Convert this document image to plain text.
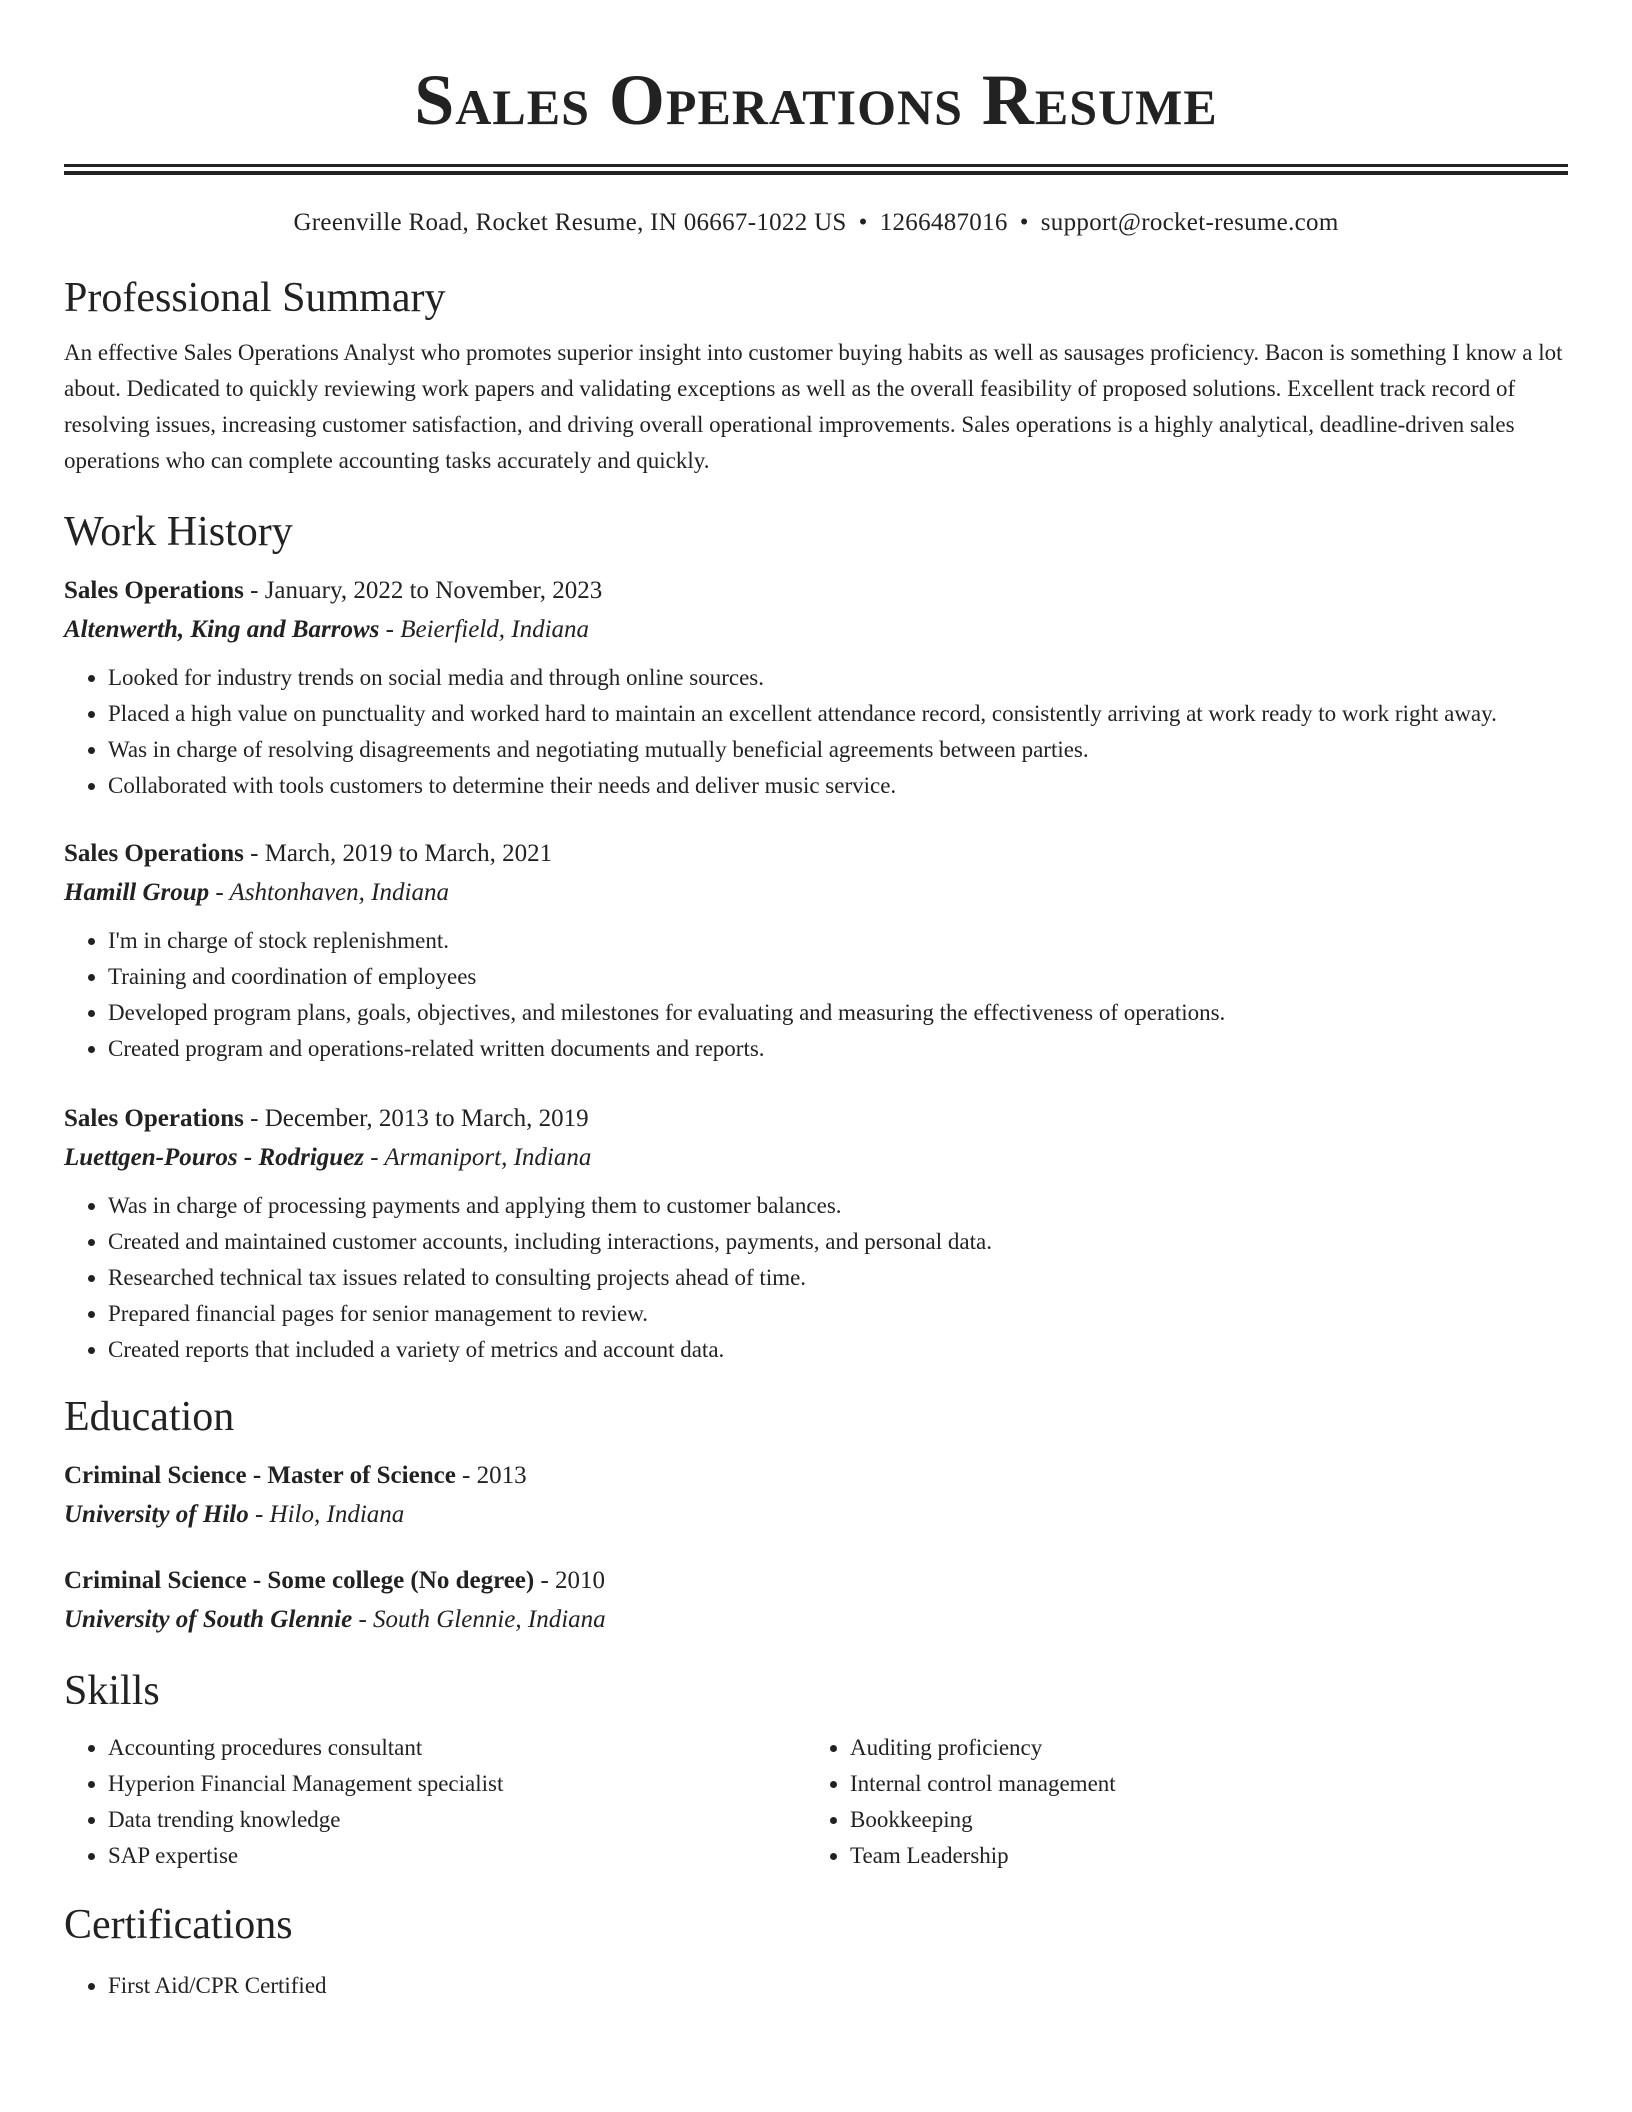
Sales Operations Resume
Greenville Road, Rocket Resume, IN 06667-1022 US • 1266487016 • support@rocket-resume.com
Professional Summary
An effective Sales Operations Analyst who promotes superior insight into customer buying habits as well as sausages proficiency. Bacon is something I know a lot about. Dedicated to quickly reviewing work papers and validating exceptions as well as the overall feasibility of proposed solutions. Excellent track record of resolving issues, increasing customer satisfaction, and driving overall operational improvements. Sales operations is a highly analytical, deadline-driven sales operations who can complete accounting tasks accurately and quickly.
Work History
Sales Operations - January, 2022 to November, 2023
Altenwerth, King and Barrows - Beierfield, Indiana
• Looked for industry trends on social media and through online sources.
• Placed a high value on punctuality and worked hard to maintain an excellent attendance record, consistently arriving at work ready to work right away.
• Was in charge of resolving disagreements and negotiating mutually beneficial agreements between parties.
• Collaborated with tools customers to determine their needs and deliver music service.
Sales Operations - March, 2019 to March, 2021
Hamill Group - Ashtonhaven, Indiana
• I'm in charge of stock replenishment.
• Training and coordination of employees
• Developed program plans, goals, objectives, and milestones for evaluating and measuring the effectiveness of operations.
• Created program and operations-related written documents and reports.
Sales Operations - December, 2013 to March, 2019
Luettgen-Pouros - Rodriguez - Armaniport, Indiana
• Was in charge of processing payments and applying them to customer balances.
• Created and maintained customer accounts, including interactions, payments, and personal data.
• Researched technical tax issues related to consulting projects ahead of time.
• Prepared financial pages for senior management to review.
• Created reports that included a variety of metrics and account data.
Education
Criminal Science - Master of Science - 2013
University of Hilo - Hilo, Indiana
Criminal Science - Some college (No degree) - 2010
University of South Glennie - South Glennie, Indiana
Skills
• Accounting procedures consultant
• Hyperion Financial Management specialist
• Data trending knowledge
• SAP expertise
• Auditing proficiency
• Internal control management
• Bookkeeping
• Team Leadership
Certifications
• First Aid/CPR Certified
